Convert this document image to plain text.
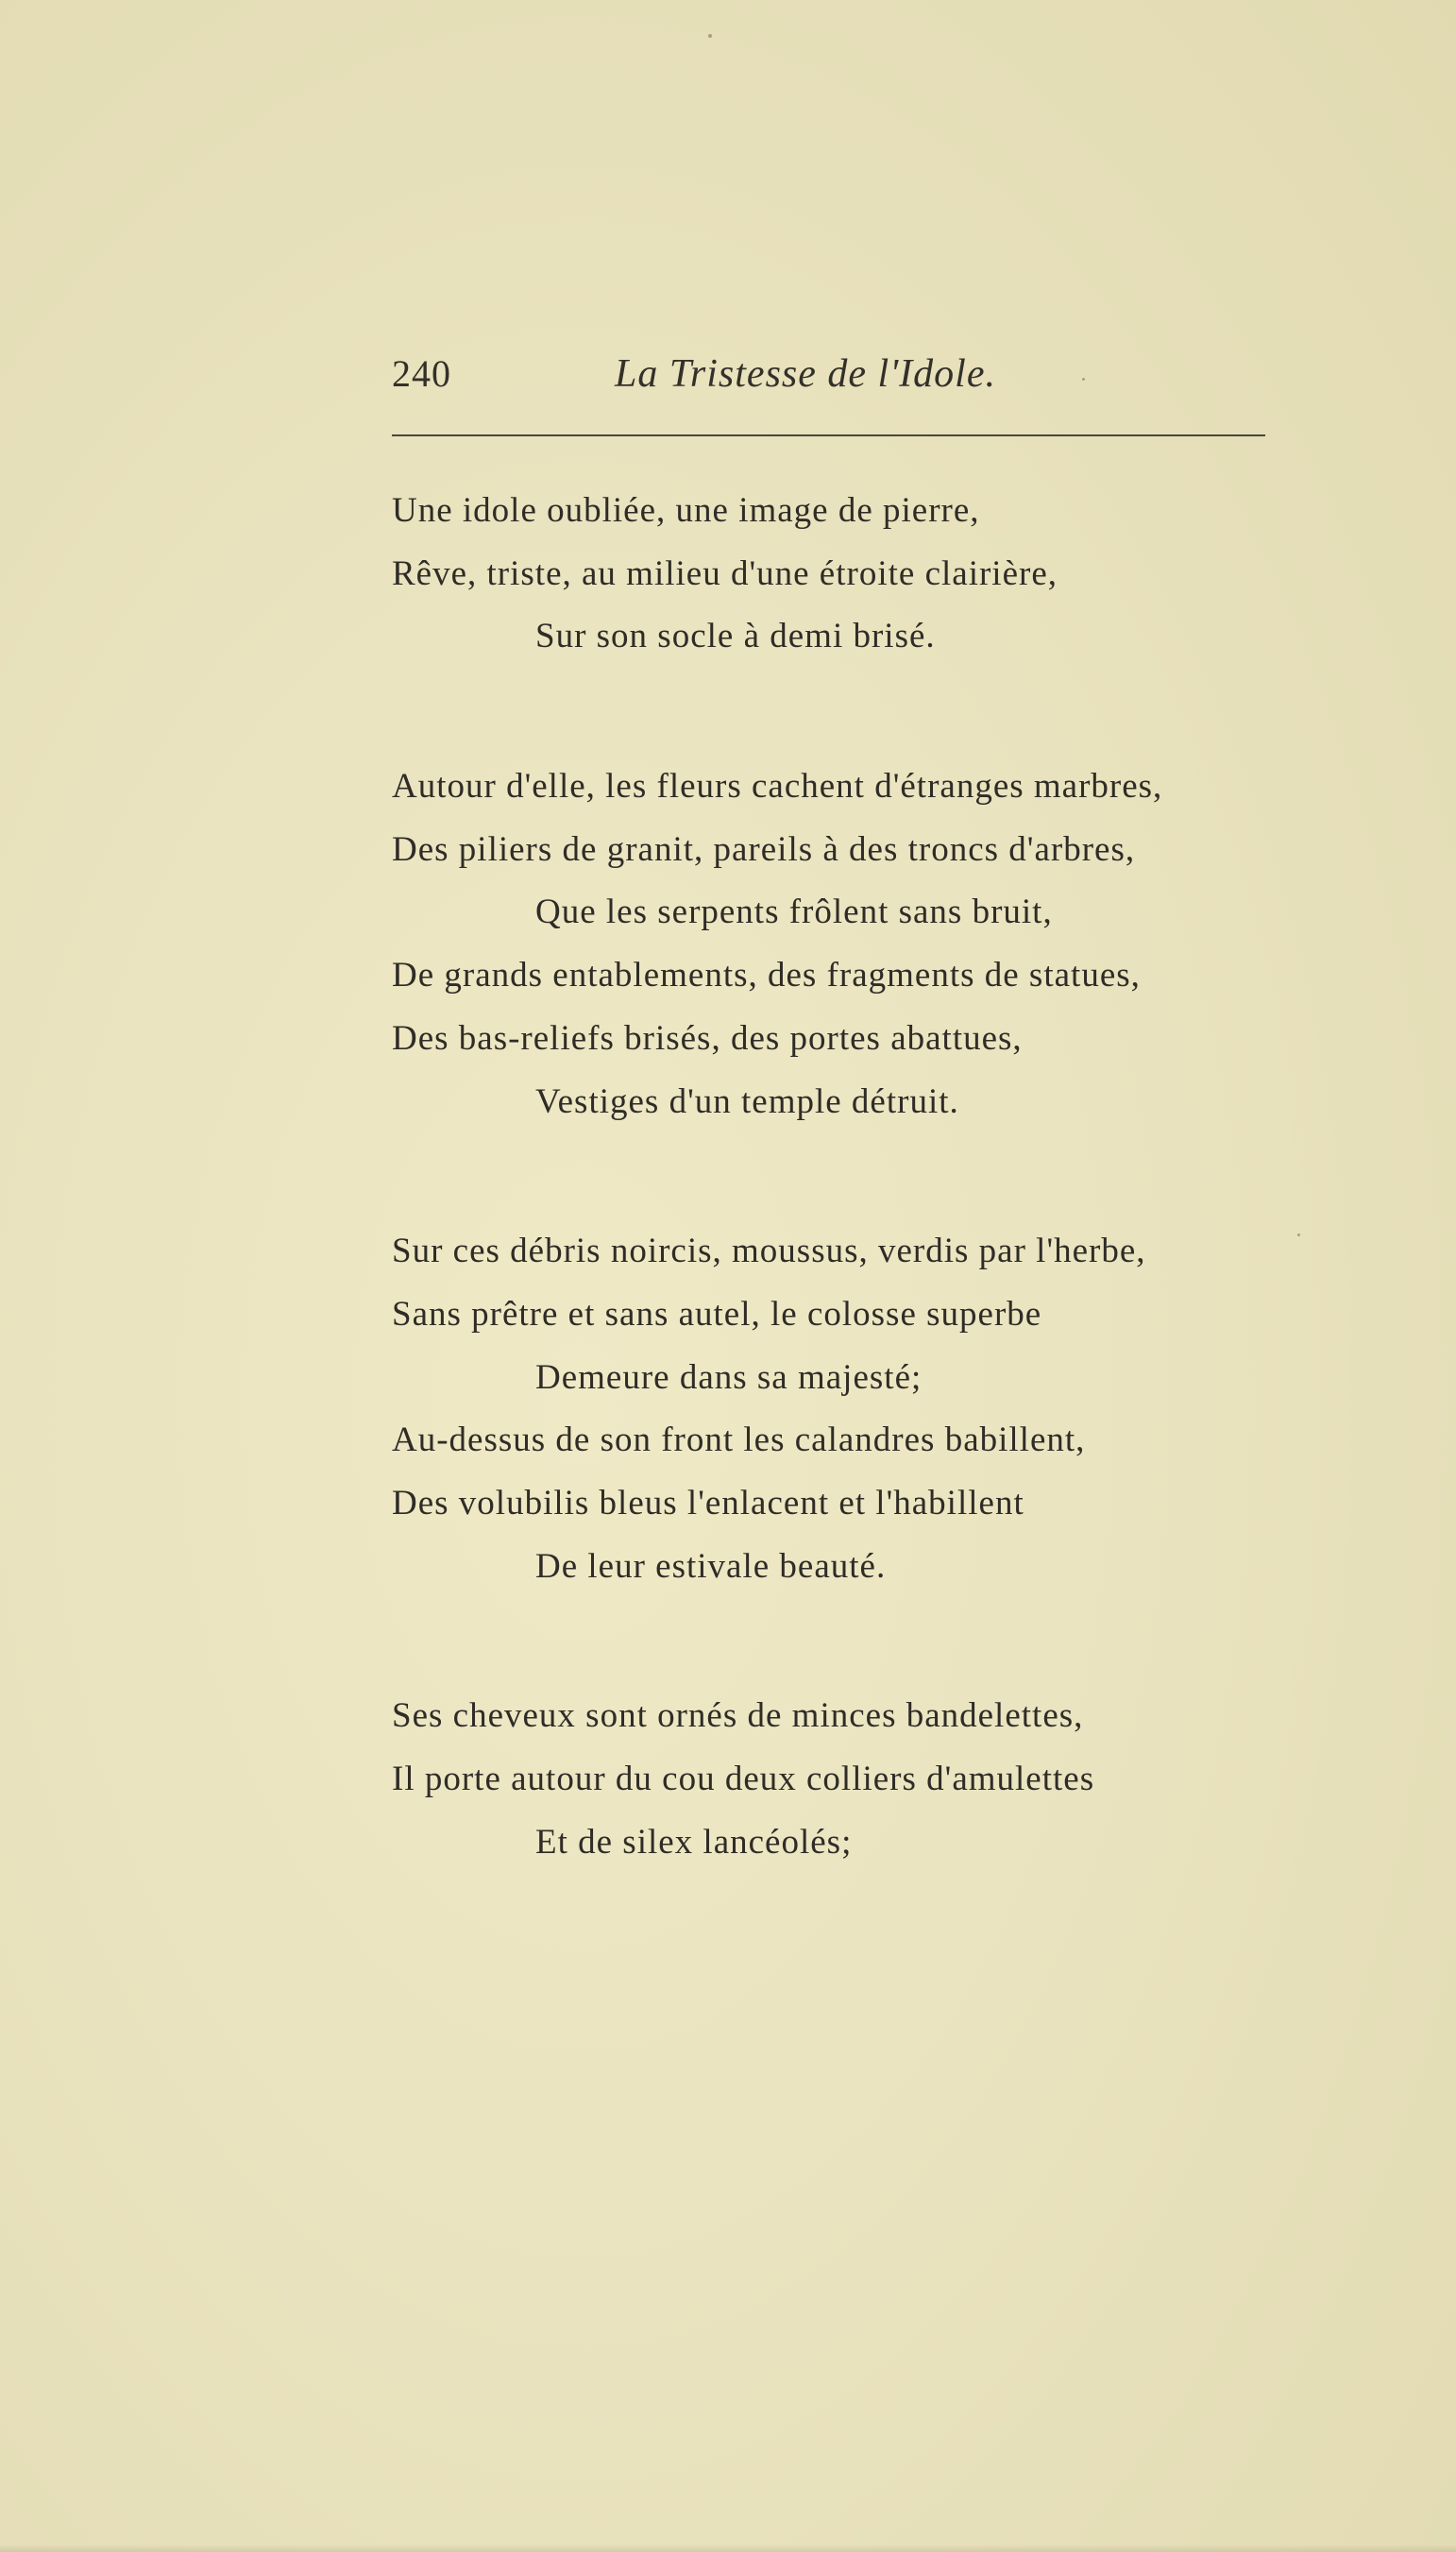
240	La Tristesse de l'Idole.
Une idole oubliée, une image de pierre,
Rêve, triste, au milieu d'une étroite clairière,
Sur son socle à demi brisé.
Autour d'elle, les fleurs cachent d'étranges marbres,
Des piliers de granit, pareils à des troncs d'arbres,
Que les serpents frôlent sans bruit,
De grands entablements, des fragments de statues,
Des bas-reliefs brisés, des portes abattues,
Vestiges d'un temple détruit.
Sur ces débris noircis, moussus, verdis par l'herbe,
Sans prêtre et sans autel, le colosse superbe
Demeure dans sa majesté;
Au-dessus de son front les calandres babillent,
Des volubilis bleus l'enlacent et l'habillent
De leur estivale beauté.
Ses cheveux sont ornés de minces bandelettes,
Il porte autour du cou deux colliers d'amulettes
Et de silex lancéolés;
